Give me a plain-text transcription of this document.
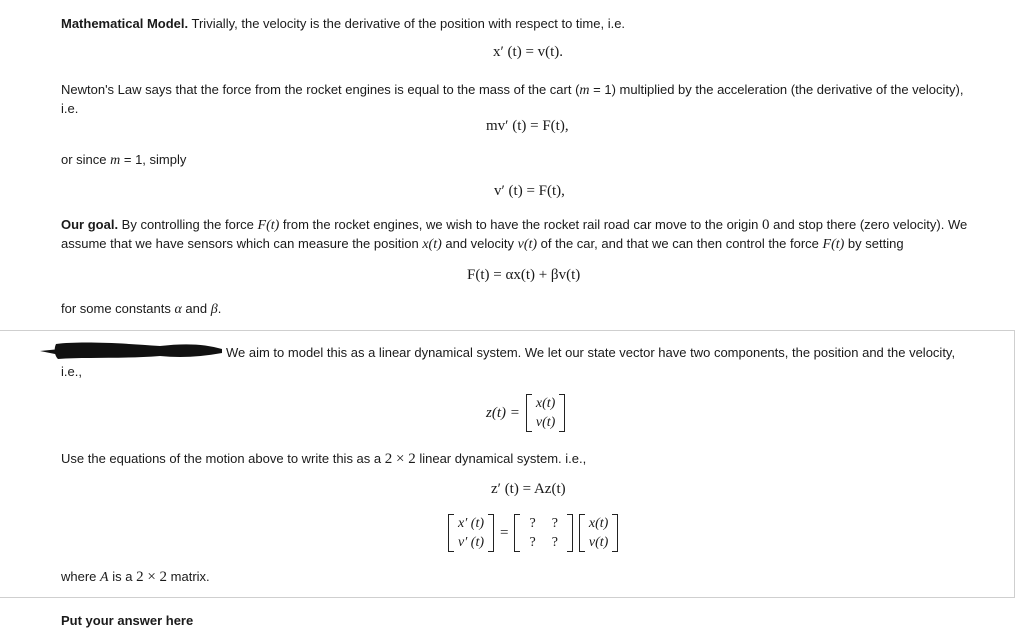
Mathematical Model. Trivially, the velocity is the derivative of the position with respect to time, i.e.
x′ (t) = v(t).
Newton's Law says that the force from the rocket engines is equal to the mass of the cart (m = 1) multiplied by the acceleration (the derivative of the velocity),
i.e.
mv′ (t) = F(t),
or since m = 1, simply
v′ (t) = F(t),
Our goal. By controlling the force F(t) from the rocket engines, we wish to have the rocket rail road car move to the origin 0 and stop there (zero velocity). We
assume that we have sensors which can measure the position x(t) and velocity v(t) of the car, and that we can then control the force F(t) by setting
F(t) = αx(t) + βv(t)
for some constants α and β.
We aim to model this as a linear dynamical system. We let our state vector have two components, the position and the velocity,
i.e.,
z(t) =
x(t)
v(t)
Use the equations of the motion above to write this as a 2 × 2 linear dynamical system. i.e.,
z′ (t) = Az(t)
x′ (t)
v′ (t)
=
?	?
?	?
x(t)
v(t)
where A is a 2 × 2 matrix.
Put your answer here
